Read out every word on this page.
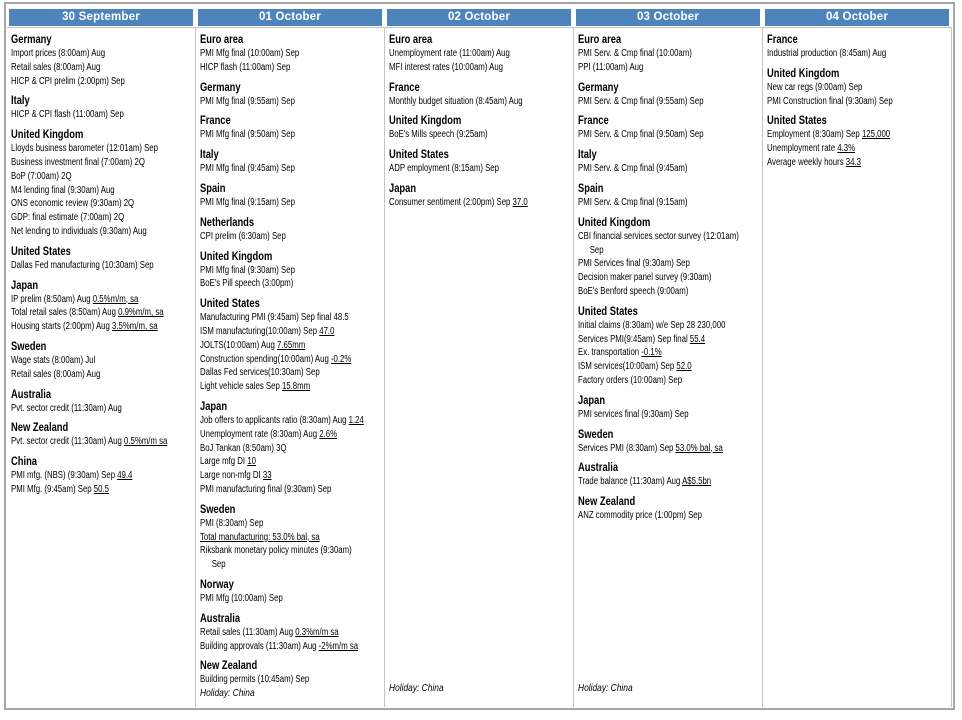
30 September
Germany
Import prices (8:00am) Aug
Retail sales (8:00am) Aug
HICP & CPI prelim (2:00pm) Sep
Italy
HICP & CPI flash (11:00am) Sep
United Kingdom
Lloyds business barometer (12:01am) Sep
Business investment final (7:00am) 2Q
BoP (7:00am) 2Q
M4 lending final (9:30am) Aug
ONS economic review (9:30am) 2Q
GDP: final estimate (7:00am) 2Q
Net lending to individuals (9:30am) Aug
United States
Dallas Fed manufacturing (10:30am) Sep
Japan
IP prelim (8:50am) Aug 0.5%m/m, sa
Total retail sales (8:50am) Aug 0.9%m/m, sa
Housing starts (2:00pm) Aug 3.5%m/m, sa
Sweden
Wage stats (8:00am) Jul
Retail sales (8:00am) Aug
Australia
Pvt. sector credit (11:30am) Aug
New Zealand
Pvt. sector credit (11:30am) Aug 0.5%m/m sa
China
PMI mfg. (NBS) (9:30am) Sep 49.4
PMI Mfg. (9:45am) Sep 50.5
01 October
Euro area
PMI Mfg final (10:00am) Sep
HICP flash (11:00am) Sep
Germany
PMI Mfg final (9:55am) Sep
France
PMI Mfg final (9:50am) Sep
Italy
PMI Mfg final (9:45am) Sep
Spain
PMI Mfg final (9:15am) Sep
Netherlands
CPI prelim (6:30am) Sep
United Kingdom
PMI Mfg final (9:30am) Sep
BoE's Pill speech (3:00pm)
United States
Manufacturing PMI (9:45am) Sep final 48.5
ISM manufacturing(10:00am) Sep 47.0
JOLTS(10:00am) Aug 7.65mm
Construction spending(10:00am) Aug -0.2%
Dallas Fed services(10:30am) Sep
Light vehicle sales Sep 15.8mm
Japan
Job offers to applicants ratio (8:30am) Aug 1.24
Unemployment rate (8:30am) Aug 2.6%
BoJ Tankan (8:50am) 3Q
Large mfg DI 10
Large non-mfg DI 33
PMI manufacturing final (9:30am) Sep
Sweden
PMI (8:30am) Sep
Total manufacturing: 53.0% bal, sa
Riksbank monetary policy minutes (9:30am)
Sep
Norway
PMI Mfg (10:00am) Sep
Australia
Retail sales (11:30am) Aug 0.3%m/m sa
Building approvals (11:30am) Aug -2%m/m sa
New Zealand
Building permits (10:45am) Sep
Holiday: China
02 October
Euro area
Unemployment rate (11:00am) Aug
MFI interest rates (10:00am) Aug
France
Monthly budget situation (8:45am) Aug
United Kingdom
BoE's Mills speech (9:25am)
United States
ADP employment (8:15am) Sep
Japan
Consumer sentiment (2:00pm) Sep 37.0
Holiday: China
03 October
Euro area
PMI Serv. & Cmp final (10:00am)
PPI (11:00am) Aug
Germany
PMI Serv. & Cmp final (9:55am) Sep
France
PMI Serv. & Cmp final (9:50am) Sep
Italy
PMI Serv. & Cmp final (9:45am)
Spain
PMI Serv. & Cmp final (9:15am)
United Kingdom
CBI financial services sector survey (12:01am)
Sep
PMI Services final (9:30am) Sep
Decision maker panel survey (9:30am)
BoE's Benford speech (9:00am)
United States
Initial claims (8:30am) w/e Sep 28 230,000
Services PMI(9:45am) Sep final 55.4
Ex. transportation -0.1%
ISM services(10:00am) Sep 52.0
Factory orders (10:00am) Sep
Japan
PMI services final (9:30am) Sep
Sweden
Services PMI (8:30am) Sep 53.0% bal, sa
Australia
Trade balance (11:30am) Aug A$5.5bn
New Zealand
ANZ commodity price (1:00pm) Sep
Holiday: China
04 October
France
Industrial production (8:45am) Aug
United Kingdom
New car regs (9:00am) Sep
PMI Construction final (9:30am) Sep
United States
Employment (8:30am) Sep 125,000
Unemployment rate 4.3%
Average weekly hours 34.3
